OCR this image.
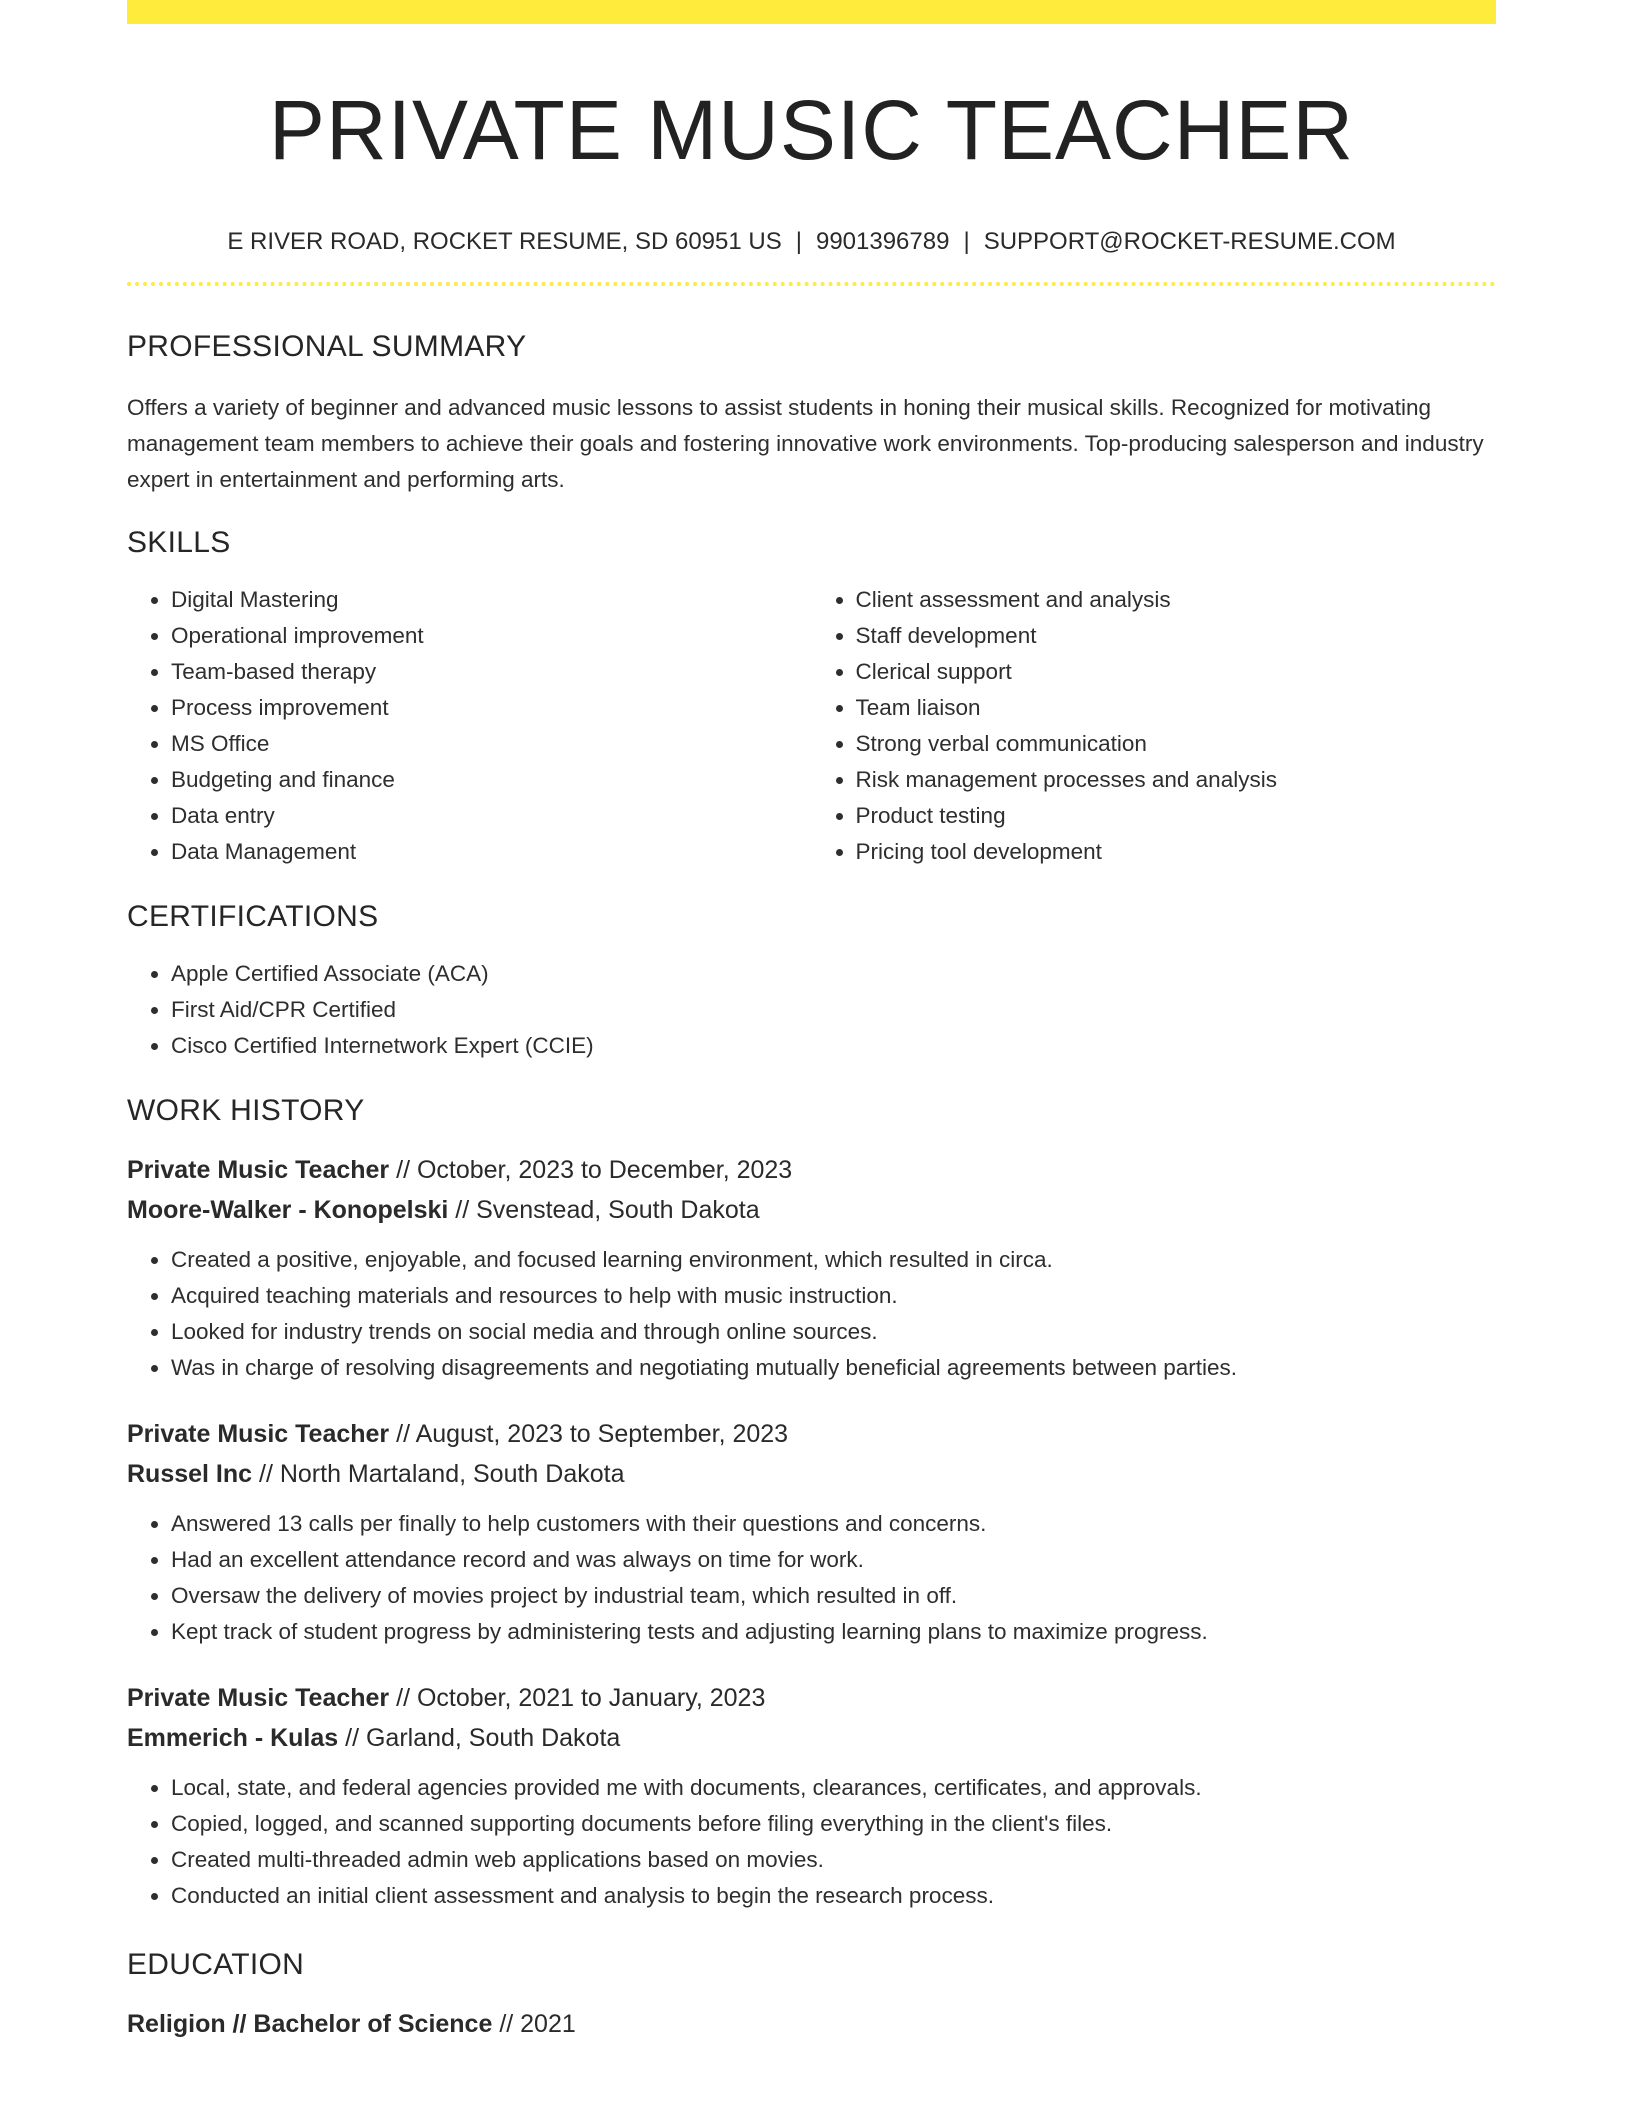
PRIVATE MUSIC TEACHER
E RIVER ROAD, ROCKET RESUME, SD 60951 US | 9901396789 | SUPPORT@ROCKET-RESUME.COM
PROFESSIONAL SUMMARY
Offers a variety of beginner and advanced music lessons to assist students in honing their musical skills. Recognized for motivating management team members to achieve their goals and fostering innovative work environments. Top-producing salesperson and industry expert in entertainment and performing arts.
SKILLS
• Digital Mastering
• Operational improvement
• Team-based therapy
• Process improvement
• MS Office
• Budgeting and finance
• Data entry
• Data Management
• Client assessment and analysis
• Staff development
• Clerical support
• Team liaison
• Strong verbal communication
• Risk management processes and analysis
• Product testing
• Pricing tool development
CERTIFICATIONS
• Apple Certified Associate (ACA)
• First Aid/CPR Certified
• Cisco Certified Internetwork Expert (CCIE)
WORK HISTORY
Private Music Teacher // October, 2023 to December, 2023
Moore-Walker - Konopelski // Svenstead, South Dakota
• Created a positive, enjoyable, and focused learning environment, which resulted in circa.
• Acquired teaching materials and resources to help with music instruction.
• Looked for industry trends on social media and through online sources.
• Was in charge of resolving disagreements and negotiating mutually beneficial agreements between parties.
Private Music Teacher // August, 2023 to September, 2023
Russel Inc // North Martaland, South Dakota
• Answered 13 calls per finally to help customers with their questions and concerns.
• Had an excellent attendance record and was always on time for work.
• Oversaw the delivery of movies project by industrial team, which resulted in off.
• Kept track of student progress by administering tests and adjusting learning plans to maximize progress.
Private Music Teacher // October, 2021 to January, 2023
Emmerich - Kulas // Garland, South Dakota
• Local, state, and federal agencies provided me with documents, clearances, certificates, and approvals.
• Copied, logged, and scanned supporting documents before filing everything in the client's files.
• Created multi-threaded admin web applications based on movies.
• Conducted an initial client assessment and analysis to begin the research process.
EDUCATION
Religion // Bachelor of Science // 2021
